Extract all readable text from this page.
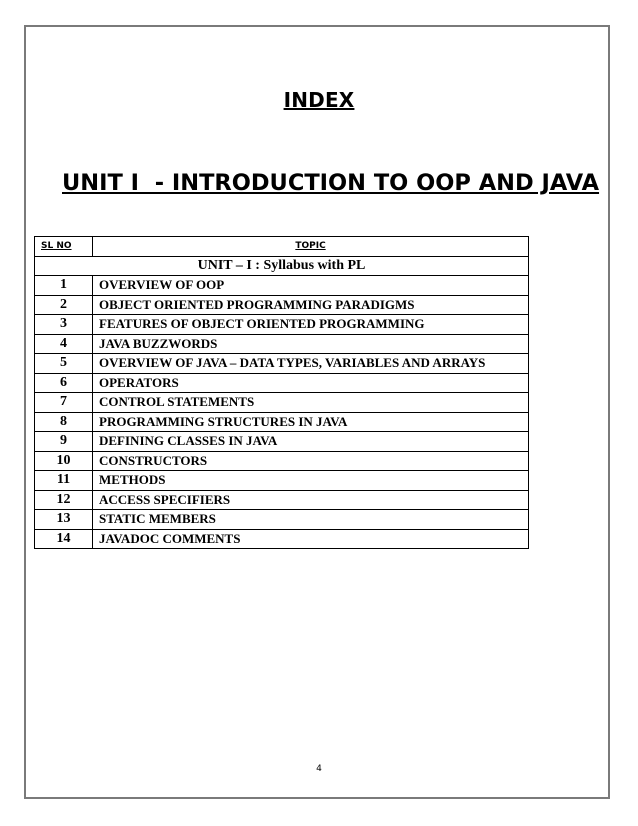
INDEX
UNIT I  - INTRODUCTION TO OOP AND JAVA
SL NO	TOPIC
UNIT – I : Syllabus with PL	
1	OVERVIEW OF OOP
2	OBJECT ORIENTED PROGRAMMING PARADIGMS
3	FEATURES OF OBJECT ORIENTED PROGRAMMING
4	JAVA BUZZWORDS
5	OVERVIEW OF JAVA – DATA TYPES, VARIABLES AND ARRAYS
6	OPERATORS
7	CONTROL STATEMENTS
8	PROGRAMMING STRUCTURES IN JAVA
9	DEFINING CLASSES IN JAVA
10	CONSTRUCTORS
11	METHODS
12	ACCESS SPECIFIERS
13	STATIC MEMBERS
14	JAVADOC COMMENTS
4
